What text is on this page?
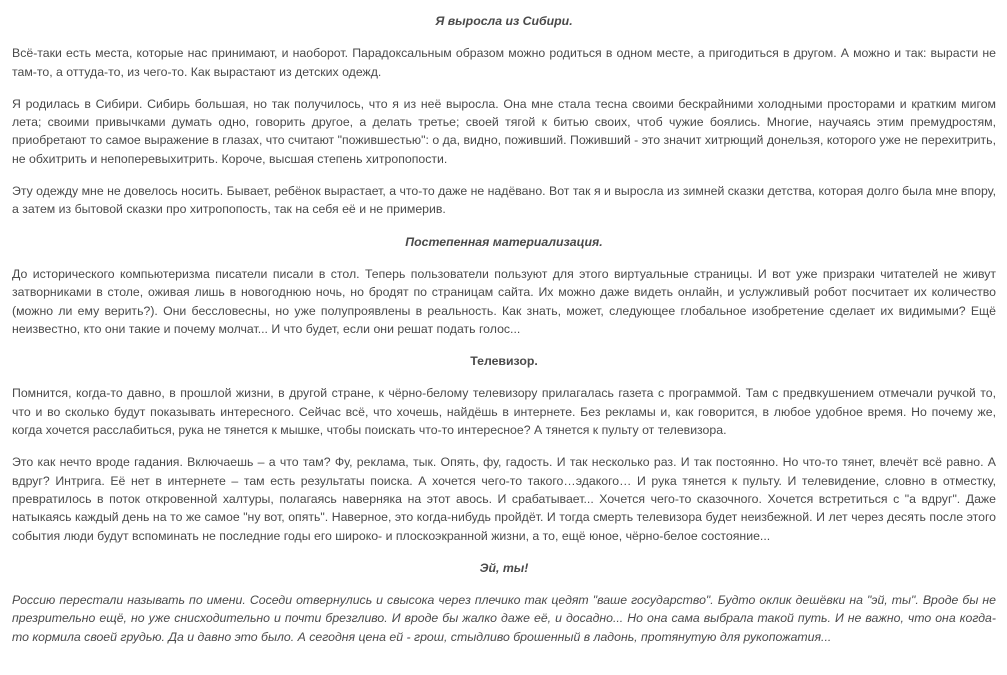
Я выросла из Сибири.

Всё-таки есть места, которые нас принимают, и наоборот. Парадоксальным образом можно родиться в одном месте, а пригодиться в другом. А можно и так: вырасти не там-то, а оттуда-то, из чего-то. Как вырастают из детских одежд.

Я родилась в Сибири. Сибирь большая, но так получилось, что я из неё выросла. Она мне стала тесна своими бескрайними холодными просторами и кратким мигом лета; своими привычками думать одно, говорить другое, а делать третье; своей тягой к битью своих, чтоб чужие боялись. Многие, научаясь этим премудростям, приобретают то самое выражение в глазах, что считают "пожившестью": о да, видно, поживший. Поживший - это значит хитрющий донельзя, которого уже не перехитрить, не обхитрить и непоперевыхитрить. Короче, высшая степень хитропопости.

Эту одежду мне не довелось носить. Бывает, ребёнок вырастает, а что-то даже не надёвано. Вот так я и выросла из зимней сказки детства, которая долго была мне впору, а затем из бытовой сказки про хитропопость, так на себя её и не примерив.

Постепенная материализация.

До исторического компьютеризма писатели писали в стол. Теперь пользователи пользуют для этого виртуальные страницы. И вот уже призраки читателей не живут затворниками в столе, оживая лишь в новогоднюю ночь, но бродят по страницам сайта. Их можно даже видеть онлайн, и услужливый робот посчитает их количество (можно ли ему верить?). Они бессловесны, но уже полупроявлены в реальность. Как знать, может, следующее глобальное изобретение сделает их видимыми? Ещё неизвестно, кто они такие и почему молчат... И что будет, если они решат подать голос...

Телевизор.

Помнится, когда-то давно, в прошлой жизни, в другой стране, к чёрно-белому телевизору прилагалась газета с программой. Там с предвкушением отмечали ручкой то, что и во сколько будут показывать интересного. Сейчас всё, что хочешь, найдёшь в интернете. Без рекламы и, как говорится, в любое удобное время. Но почему же, когда хочется расслабиться, рука не тянется к мышке, чтобы поискать что-то интересное? А тянется к пульту от телевизора.

Это как нечто вроде гадания. Включаешь – а что там? Фу, реклама, тык. Опять, фу, гадость. И так несколько раз. И так постоянно. Но что-то тянет, влечёт всё равно. А вдруг? Интрига. Её нет в интернете – там есть результаты поиска. А хочется чего-то такого…эдакого… И рука тянется к пульту. И телевидение, словно в отместку, превратилось в поток откровенной халтуры, полагаясь наверняка на этот авось. И срабатывает... Хочется чего-то сказочного. Хочется встретиться с "а вдруг". Даже натыкаясь каждый день на то же самое "ну вот, опять". Наверное, это когда-нибудь пройдёт. И тогда смерть телевизора будет неизбежной. И лет через десять после этого события люди будут вспоминать не последние годы его широко- и плоскоэкранной жизни, а то, ещё юное, чёрно-белое состояние...

Эй, ты!

Россию перестали называть по имени. Соседи отвернулись и свысока через плечико так цедят "ваше государство". Будто оклик дешёвки на "эй, ты". Вроде бы не презрительно ещё, но уже снисходительно и почти брезгливо. И вроде бы жалко даже её, и досадно... Но она сама выбрала такой путь. И не важно, что она когда-то кормила своей грудью. Да и давно это было. А сегодня цена ей - грош, стыдливо брошенный в ладонь, протянутую для рукопожатия...
